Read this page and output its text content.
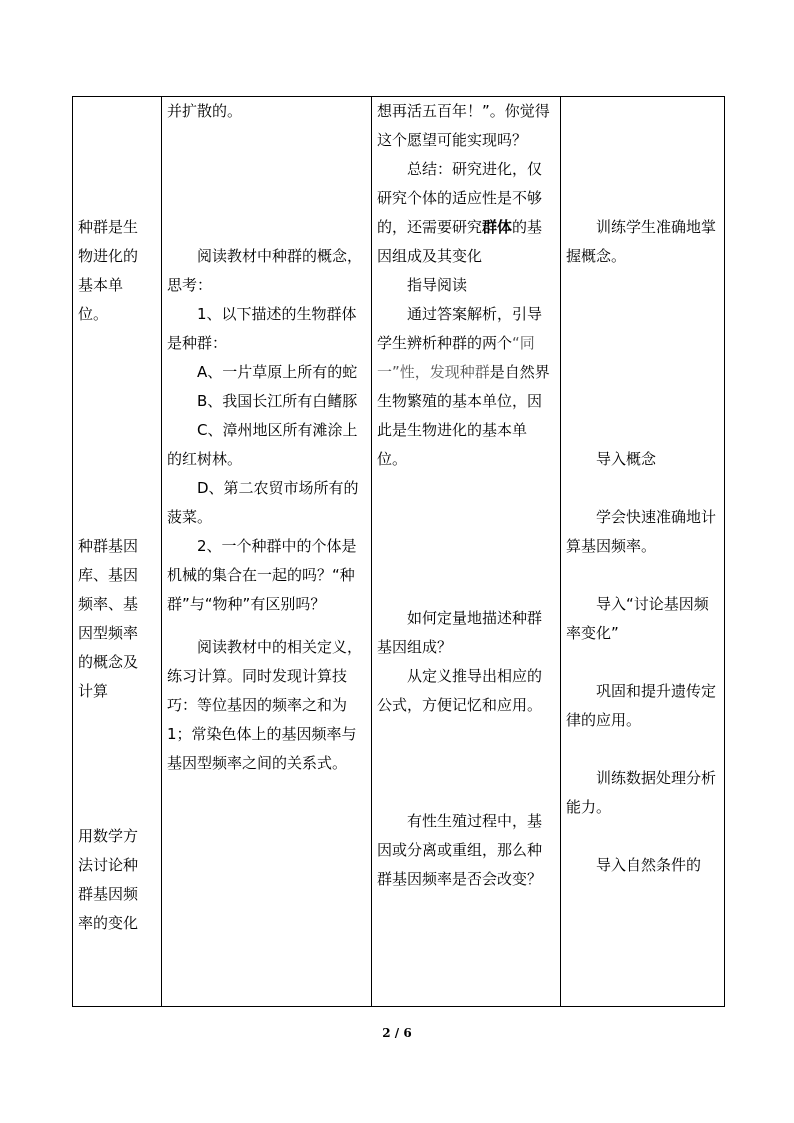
种群是生
物进化的
基本单
位。
种群基因
库、基因
频率、基
因型频率
的概念及
计算
用数学方
法讨论种
群基因频
率的变化

并扩散的。
阅读教材中种群的概念，思考：
1、以下描述的生物群体是种群：
A、一片草原上所有的蛇
B、我国长江所有白鳍豚
C、漳州地区所有滩涂上的红树林。
D、第二农贸市场所有的菠菜。
2、一个种群中的个体是机械的集合在一起的吗？“种群”与“物种”有区别吗？
阅读教材中的相关定义，练习计算。同时发现计算技巧：等位基因的频率之和为 1；常染色体上的基因频率与基因型频率之间的关系式。

想再活五百年！”。你觉得这个愿望可能实现吗？
总结：研究进化，仅研究个体的适应性是不够的，还需要研究群体的基因组成及其变化
指导阅读
通过答案解析，引导学生辨析种群的两个“同一”性，发现种群是自然界生物繁殖的基本单位，因此是生物进化的基本单位。
如何定量地描述种群基因组成？
从定义推导出相应的公式，方便记忆和应用。
有性生殖过程中，基因或分离或重组，那么种群基因频率是否会改变？

训练学生准确地掌握概念。
导入概念
学会快速准确地计算基因频率。
导入“讨论基因频率变化”
巩固和提升遗传定律的应用。
训练数据处理分析能力。
导入自然条件的
2 / 6
